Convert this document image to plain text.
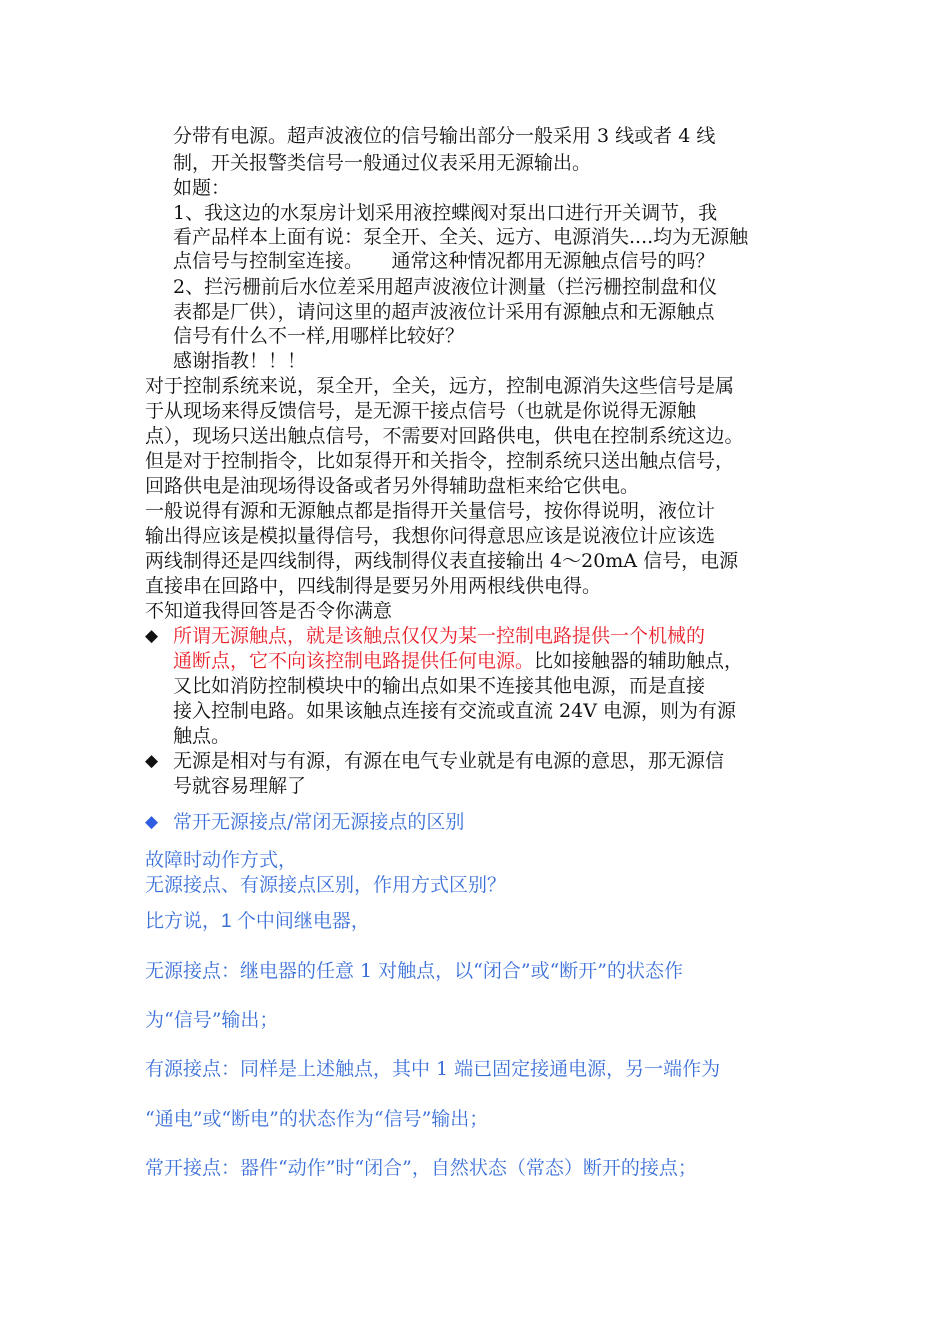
分带有电源。超声波液位的信号输出部分一般采用 3 线或者 4 线
制，开关报警类信号一般通过仪表采用无源输出。
如题：
1、我这边的水泵房计划采用液控蝶阀对泵出口进行开关调节，我
看产品样本上面有说：泵全开、全关、远方、电源消失....均为无源触
点信号与控制室连接。　　通常这种情况都用无源触点信号的吗？
2、拦污栅前后水位差采用超声波液位计测量（拦污栅控制盘和仪
表都是厂供），请问这里的超声波液位计采用有源触点和无源触点
信号有什么不一样,用哪样比较好？
感谢指教！！！
对于控制系统来说，泵全开，全关，远方，控制电源消失这些信号是属
于从现场来得反馈信号，是无源干接点信号（也就是你说得无源触
点），现场只送出触点信号，不需要对回路供电，供电在控制系统这边。
但是对于控制指令，比如泵得开和关指令，控制系统只送出触点信号，
回路供电是油现场得设备或者另外得辅助盘柜来给它供电。
一般说得有源和无源触点都是指得开关量信号，按你得说明，液位计
输出得应该是模拟量得信号，我想你问得意思应该是说液位计应该选
两线制得还是四线制得，两线制得仪表直接输出 4～20mA 信号，电源
直接串在回路中，四线制得是要另外用两根线供电得。
不知道我得回答是否令你满意
◆ 所谓无源触点，就是该触点仅仅为某一控制电路提供一个机械的
通断点，它不向该控制电路提供任何电源。比如接触器的辅助触点，
又比如消防控制模块中的输出点如果不连接其他电源，而是直接
接入控制电路。如果该触点连接有交流或直流 24V 电源，则为有源
触点。
◆ 无源是相对与有源，有源在电气专业就是有电源的意思，那无源信
号就容易理解了
◆ 常开无源接点/常闭无源接点的区别
故障时动作方式，
无源接点、有源接点区别，作用方式区别？
比方说，1 个中间继电器，
无源接点：继电器的任意 1 对触点，以“闭合”或“断开”的状态作
为“信号”输出；
有源接点：同样是上述触点，其中 1 端已固定接通电源，另一端作为
“通电”或“断电”的状态作为“信号”输出；
常开接点：器件“动作”时“闭合”，自然状态（常态）断开的接点；
